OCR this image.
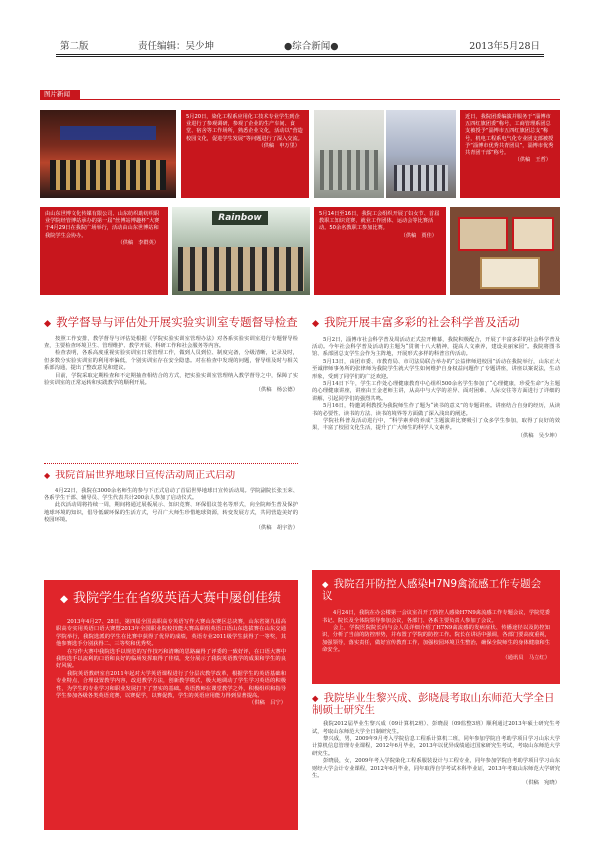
第二版	责任编辑：吴少坤	●综合新闻●	2013年5月28日
图片新闻
5月20日，染化工程系应用化工技术专业学生到企业进行了参观调研，参观了企业的生产车间、食堂、宿舍等工作场所，熟悉企业文化，活动以“营造校园文化，促进学生发展”等问题进行了深入交流。
（供稿　申万里）
近日，我院团委编演并服务于“淄博市五四红旗团委”称号，工商管理系团总支被授予“淄博市五四红旗团总支”称号，机电工程系电气化专业团支部被授予“淄博市优秀共青团员”，淄博市优秀共青团干部”称号。
（供稿　王哲）
由山东世博文化传媒有限公司、山东纺织助纺织职业学院经管博站承办的第一届“丝博站博趣杯”大赛于4月29日在我院广场举行，活动由山东世博站和我院学生会协办。
（供稿　李群英）
Rainbow	5月14日至16日，我院工会组织开展了妇女节、首届教职工知识竞赛、就业工作团体、运动会等比赛活动。50余名教职工参加比赛。
（供稿　贾佳）
◆ 教学督导与评估处开展实验实训室专题督导检查

按照工作安排，教学督导与评估处根据《学院实验实训室管理办法》对各系实验实训室进行专题督导检查，主要检查环境卫生、管理维护、教学开展、科研工作和社会服务等内容。

检查表明，各系高度重视实验实训室日常管理工作，做到人员到位、制度完备，分级清晰，记录及时，但多数分实验实训室的利用率偏低，个别实训室存在安全隐患。对在检查中发现的问题，督导组及时与相关系部沟通，提出了整改意见和建议。

目前，学院采取定期检查和不定期抽查相结合的方式，把实验实训室管理纳入教学督导之中，保障了实验实训室的正常运转和实践教学的顺利开展。

（供稿　杨公德）

◆ 我院首届世界地球日宣传活动周正式启动

4月22日，我院在3000余名师生的参与下正式启动了首届世界地球日宣传活动周。学院副院长张玉荣、各系学生干部、辅导员、学生代表共计200余人参加了启动仪式。

此次活动周将持续一周，期间将通过展板展示、知识竞赛、环保倡议签名等形式，向全院师生普及保护地球环境的知识，倡导低碳环保的生活方式，号召广大师生珍惜地球资源，转变发展方式，共同营造美好的校园环境。

（供稿　胡宇浩）

◆ 我院学生在省级英语大赛中屡创佳绩

2013年4月27、28日，第四届全国高职高专英语写作大赛山东赛区总决赛，山东省第九届高职高专实用英语口语大赛暨2013年全国职业院校技能大赛高职组英语口语山东选拔赛在山东交通学院举行，我院选派的学生在比赛中获得了优异的成绩，英语专业2011级学生获得了一等奖，其他参赛选手分别获得二、三等奖和优秀奖。

在写作大赛中我院选手以规范的写作技巧和清晰的思路赢得了评委的一致好评，在口语大赛中我院选手以流利的口语和良好的临场发挥取得了佳绩，充分展示了我院英语教学的成果和学生的良好风貌。

我院英语教研室自2011年起对大学英语课程进行了分层次教学改革，根据学生的英语基础和专业特点，合理设置教学内容，改进教学方法，创新教学模式，极大地调动了学生学习英语的积极性，为学生的专业学习和职业发展打下了坚实的基础。英语教师在课堂教学之外，积极组织和指导学生参加各级各类英语竞赛，以赛促学，以赛促教，学生的英语应用能力得到显著提高。

（供稿　吕宁）

◆ 我院开展丰富多彩的社会科学普及活动

5月2日，淄博市社会科学普及周活动正式拉开帷幕，我院积极配合，开展了丰富多彩的社会科学普及活动。今年社会科学普及活动的主题为“贯彻十八大精神，提高人文素养，建设美丽家园”。我院将图书馆、系部团总支学生会作为主阵地，开展形式多样的科普宣传活动。

5月13日，由团市委、市教育局、市司法局联合举办的“公益律师进校园”活动在我院举行，山东正大至诚律师事务所的张律师为我院学生就大学生如何维护自身权益问题作了专题讲座，讲座以案说法，生动形象，受到了同学们的广泛欢迎。

5月14日下午，学生工作处心理健康教育中心组织500余名学生参加了“心理健康，珍爱生命”为主题的心理健康讲座，讲座由王金老师主讲，从高中与大学的差异、面对困难、人际交往等方面进行了详细的讲解，引起同学们的强烈共鸣。

5月16日，特邀刘利教授为我院师生作了题为“读书的意义”的专题讲座。讲座结合自身的经历，从读书的必要性、读书的方法、读书的境界等方面做了深入浅出的阐述。

学院社科普及活动进行中，“科学素养的养成”主题演讲比赛吸引了众多学生参加，取得了良好的效果，丰富了校园文化生活，提升了广大师生的科学人文素养。

（供稿　吴少坤）

◆ 我院召开防控人感染H7N9禽流感工作专题会议

4月24日，我院在办公楼第一会议室召开了防控人感染H7N9禽流感工作专题会议，学院党委书记、院长及全体院领导参加会议，各部门、各系主要负责人参加了会议。

会上，学院医院院长向与会人员详细介绍了H7N9禽流感的发病症状、传播途径以及防控知识，分析了当前的防控形势，并布置了学院的防控工作。院长在讲话中强调，各部门要高度重视，加强领导，落实责任，做好宣传教育工作，加强校园环境卫生整治，确保全院师生的身体健康和生命安全。

（通讯员　马立红）

◆ 我院毕业生黎兴成、彭晓晨考取山东师范大学全日制硕士研究生

我院2012届毕业生黎兴成（09计算机2班）、彭晓晨（09监整3班）顺利通过2013年硕士研究生考试，考取山东师范大学全日制研究生。

黎兴成，男，2009年9月考入学院信息工程系计算机二班，同年参加学院自考助学项目学习山东大学计算机信息管理专业课程，2012年6月毕业，2013年以优异成绩通过国家研究生考试，考取山东师范大学研究生。

彭晓晨，女，2009年考入学院染化工程系服装设计与工程专业，同年参加学院自考助学项目学习山东财经大学会计专业课程，2012年6月毕业，同年取得自学考试本科毕业证，2013年考取山东师范大学研究生。

（供稿　宛晓）
